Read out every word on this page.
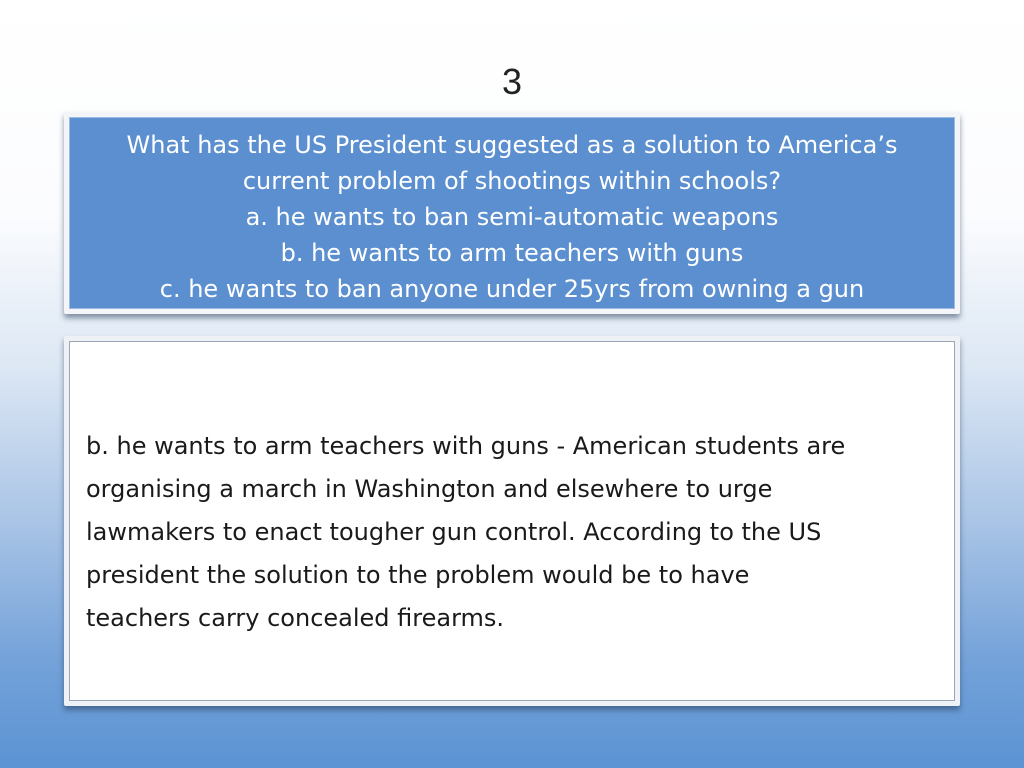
3
What has the US President suggested as a solution to America’s
current problem of shootings within schools?
a. he wants to ban semi-automatic weapons
b. he wants to arm teachers with guns
c. he wants to ban anyone under 25yrs from owning a gun
b. he wants to arm teachers with guns - American students are
organising a march in Washington and elsewhere to urge
lawmakers to enact tougher gun control. According to the US
president the solution to the problem would be to have
teachers carry concealed firearms.
